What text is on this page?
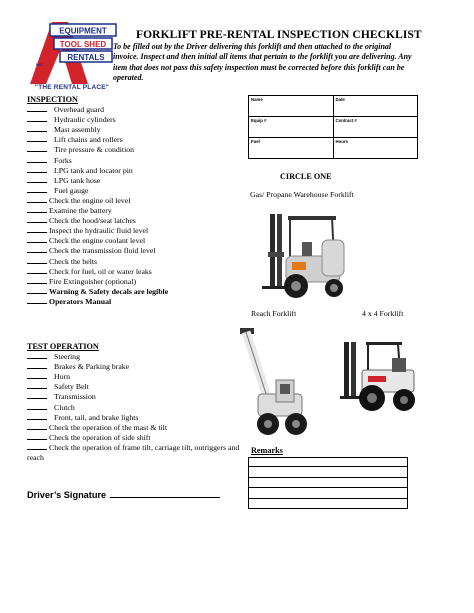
EQUIPMENT
TOOL SHED
RENTALS
INC.
"THE RENTAL PLACE"
FORKLIFT PRE-RENTAL INSPECTION CHECKLIST
To be filled out by the Driver delivering this forklift and then attached to the original invoice. Inspect and then initial all items that pertain to the forklift you are delivering. Any item that does not pass this safety inspection must be corrected before this forklift can be operated.
INSPECTION
Overhead guard
Hydraulic cylinders
Mast assembly
Lift chains and rollers
Tire pressure & condition
Forks
LPG tank and locator pin
LPG tank hose
Fuel gauge
Check the engine oil level
Examine the battery
Check the hood/seat latches
Inspect the hydraulic fluid level
Check the engine coolant level
Check the transmission fluid level
Check the belts
Check for fuel, oil or water leaks
Fire Extinguisher (optional)
Warning & Safety decals are legible
Operators Manual
TEST OPERATION
Steering
Brakes & Parking brake
Horn
Safety Belt
Transmission
Clutch
Front, tail, and brake lights
Check the operation of the mast & tilt
Check the operation of side shift
Check the operation of frame tilt, carriage tilt, outriggers and reach
Name	Date
Equip #	Contract #
Fuel	Hours
CIRCLE ONE
Gas/ Propane Warehouse Forklift
Reach Forklift	4 x 4 Forklift
Remarks
Driver’s Signature
